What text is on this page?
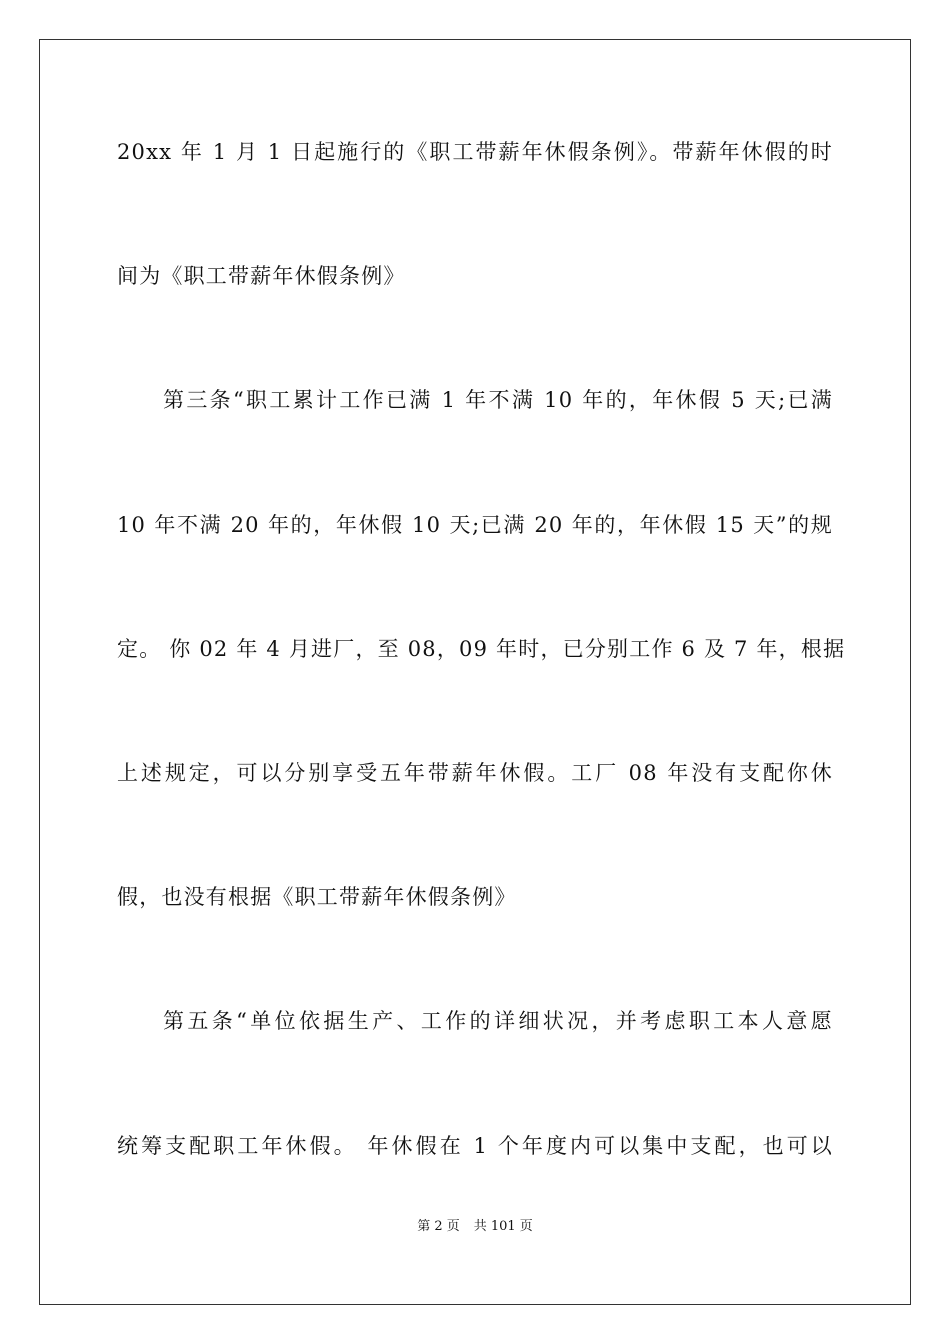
20xx 年 1 月 1 日起施行的《职工带薪年休假条例》。带薪年休假的时
间为《职工带薪年休假条例》
第三条“职工累计工作已满 1 年不满 10 年的，年休假 5 天;已满
10 年不满 20 年的，年休假 10 天;已满 20 年的，年休假 15 天”的规
定。 你 02 年 4 月进厂，至 08，09 年时，已分别工作 6 及 7 年，根据
上述规定，可以分别享受五年带薪年休假。工厂 08 年没有支配你休
假，也没有根据《职工带薪年休假条例》
第五条“单位依据生产、工作的详细状况，并考虑职工本人意愿
统筹支配职工年休假。 年休假在 1 个年度内可以集中支配，也可以
第 2 页 共 101 页
